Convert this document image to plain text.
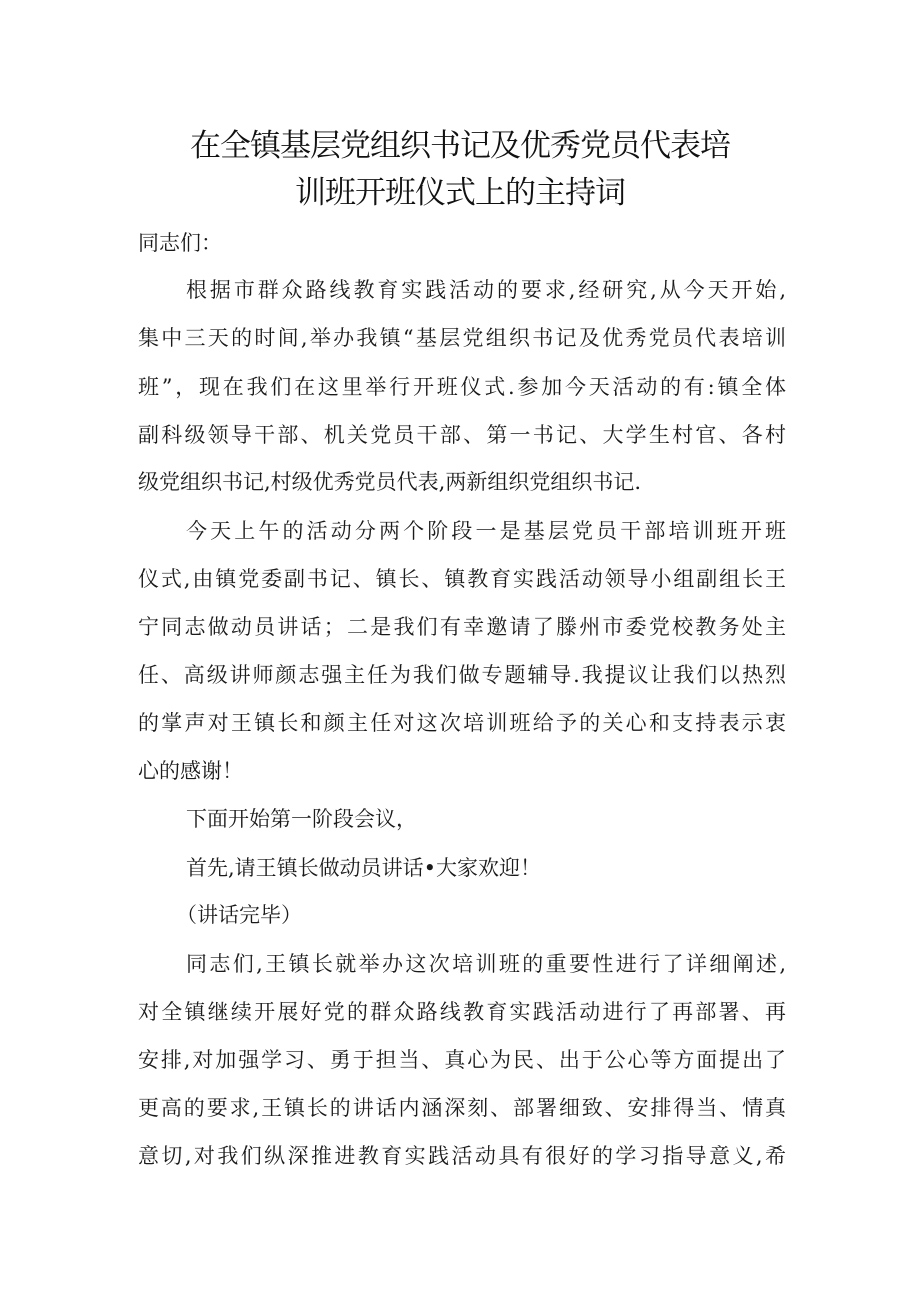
在全镇基层党组织书记及优秀党员代表培
训班开班仪式上的主持词

同志们：

根据市群众路线教育实践活动的要求,经研究,从今天开始,

集中三天的时间,举办我镇“基层党组织书记及优秀党员代表培训

班”，现在我们在这里举行开班仪式.参加今天活动的有:镇全体

副科级领导干部、机关党员干部、第一书记、大学生村官、各村

级党组织书记,村级优秀党员代表,两新组织党组织书记.

今天上午的活动分两个阶段一是基层党员干部培训班开班

仪式,由镇党委副书记、镇长、镇教育实践活动领导小组副组长王

宁同志做动员讲话；二是我们有幸邀请了滕州市委党校教务处主

任、高级讲师颜志强主任为我们做专题辅导.我提议让我们以热烈

的掌声对王镇长和颜主任对这次培训班给予的关心和支持表示衷

心的感谢！

下面开始第一阶段会议，

首先,请王镇长做动员讲话•大家欢迎！

（讲话完毕）

同志们,王镇长就举办这次培训班的重要性进行了详细阐述,

对全镇继续开展好党的群众路线教育实践活动进行了再部署、再

安排,对加强学习、勇于担当、真心为民、出于公心等方面提出了

更高的要求,王镇长的讲话内涵深刻、部署细致、安排得当、情真

意切,对我们纵深推进教育实践活动具有很好的学习指导意义,希
